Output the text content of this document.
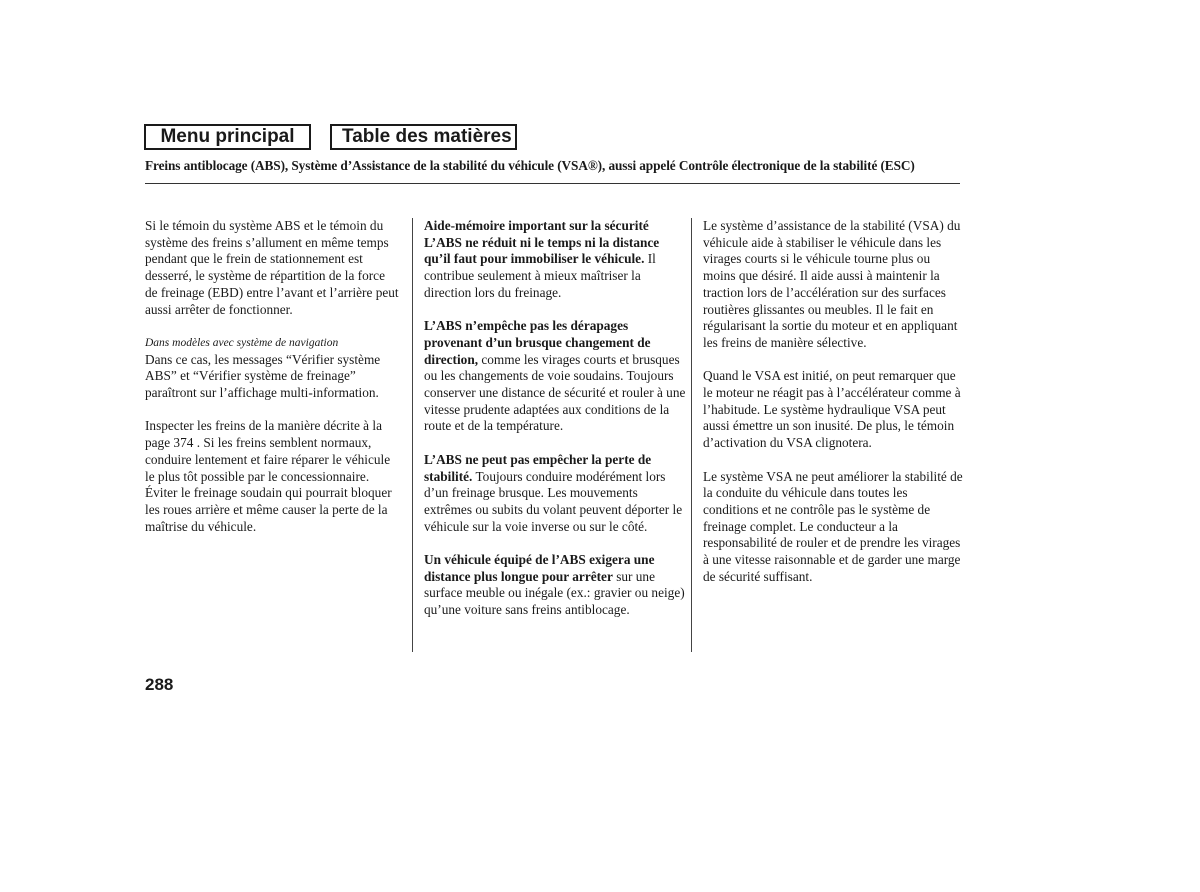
Menu principal	Table des matières
Freins antiblocage (ABS), Système d’Assistance de la stabilité du véhicule (VSA®), aussi appelé Contrôle électronique de la stabilité (ESC)

Si le témoin du système ABS et le témoin du système des freins s’allument en même temps pendant que le frein de stationnement est desserré, le système de répartition de la force de freinage (EBD) entre l’avant et l’arrière peut aussi arrêter de fonctionner.

Dans modèles avec système de navigation

Dans ce cas, les messages “Vérifier système ABS” et “Vérifier système de freinage” paraîtront sur l’affichage multi-information.

Inspecter les freins de la manière décrite à la page 374 . Si les freins semblent normaux, conduire lentement et faire réparer le véhicule le plus tôt possible par le concessionnaire. Éviter le freinage soudain qui pourrait bloquer les roues arrière et même causer la perte de la maîtrise du véhicule.

Aide-mémoire important sur la sécurité

L’ABS ne réduit ni le temps ni la distance qu’il faut pour immobiliser le véhicule. Il contribue seulement à mieux maîtriser la direction lors du freinage.

L’ABS n’empêche pas les dérapages provenant d’un brusque changement de direction, comme les virages courts et brusques ou les changements de voie soudains. Toujours conserver une distance de sécurité et rouler à une vitesse prudente adaptées aux conditions de la route et de la température.

L’ABS ne peut pas empêcher la perte de stabilité. Toujours conduire modérément lors d’un freinage brusque. Les mouvements extrêmes ou subits du volant peuvent déporter le véhicule sur la voie inverse ou sur le côté.

Un véhicule équipé de l’ABS exigera une distance plus longue pour arrêter sur une surface meuble ou inégale (ex.: gravier ou neige) qu’une voiture sans freins antiblocage.

Le système d’assistance de la stabilité (VSA) du véhicule aide à stabiliser le véhicule dans les virages courts si le véhicule tourne plus ou moins que désiré. Il aide aussi à maintenir la traction lors de l’accélération sur des surfaces routières glissantes ou meubles. Il le fait en régularisant la sortie du moteur et en appliquant les freins de manière sélective.

Quand le VSA est initié, on peut remarquer que le moteur ne réagit pas à l’accélérateur comme à l’habitude. Le système hydraulique VSA peut aussi émettre un son inusité. De plus, le témoin d’activation du VSA clignotera.

Le système VSA ne peut améliorer la stabilité de la conduite du véhicule dans toutes les conditions et ne contrôle pas le système de freinage complet. Le conducteur a la responsabilité de rouler et de prendre les virages à une vitesse raisonnable et de garder une marge de sécurité suffisant.

288
